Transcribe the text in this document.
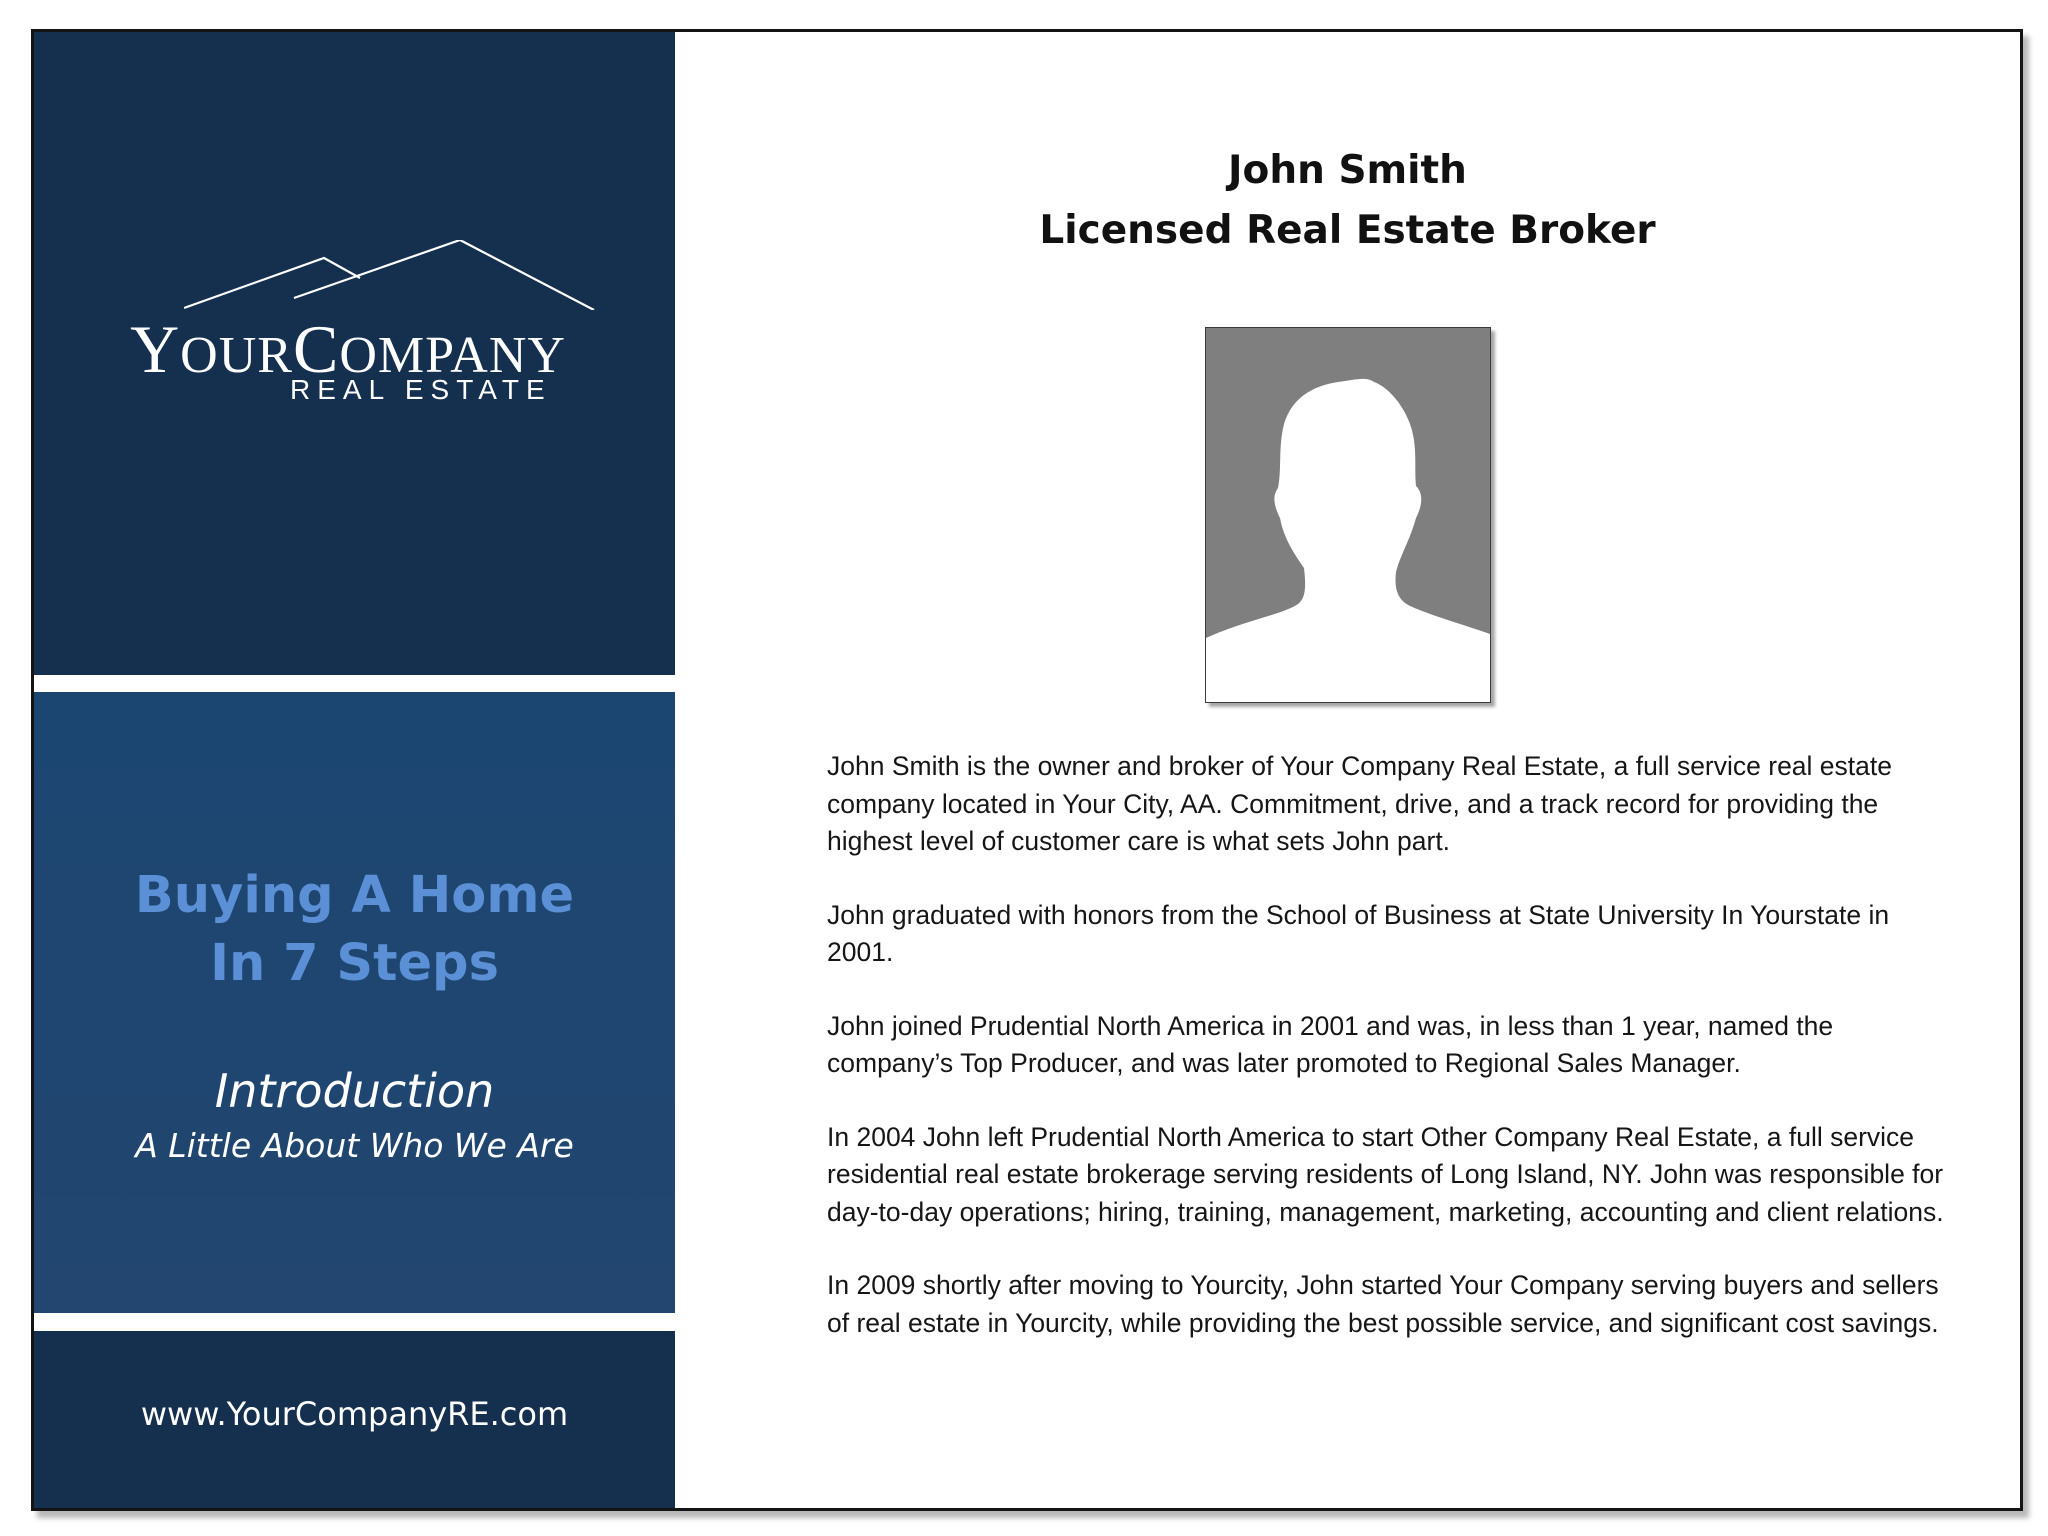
YOURCOMPANY
REAL ESTATE
Buying A Home
In 7 Steps
Introduction
A Little About Who We Are
www.YourCompanyRE.com
John Smith
Licensed Real Estate Broker

John Smith is the owner and broker of Your Company Real Estate, a full service real estate company located in Your City, AA. Commitment, drive, and a track record for providing the highest level of customer care is what sets John part.

John graduated with honors from the School of Business at State University In Yourstate in 2001.

John joined Prudential North America in 2001 and was, in less than 1 year, named the company’s Top Producer, and was later promoted to Regional Sales Manager.

In 2004 John left Prudential North America to start Other Company Real Estate, a full service residential real estate brokerage serving residents of Long Island, NY. John was responsible for day-to-day operations; hiring, training, management, marketing, accounting and client relations.

In 2009 shortly after moving to Yourcity, John started Your Company serving buyers and sellers of real estate in Yourcity, while providing the best possible service, and significant cost savings.
